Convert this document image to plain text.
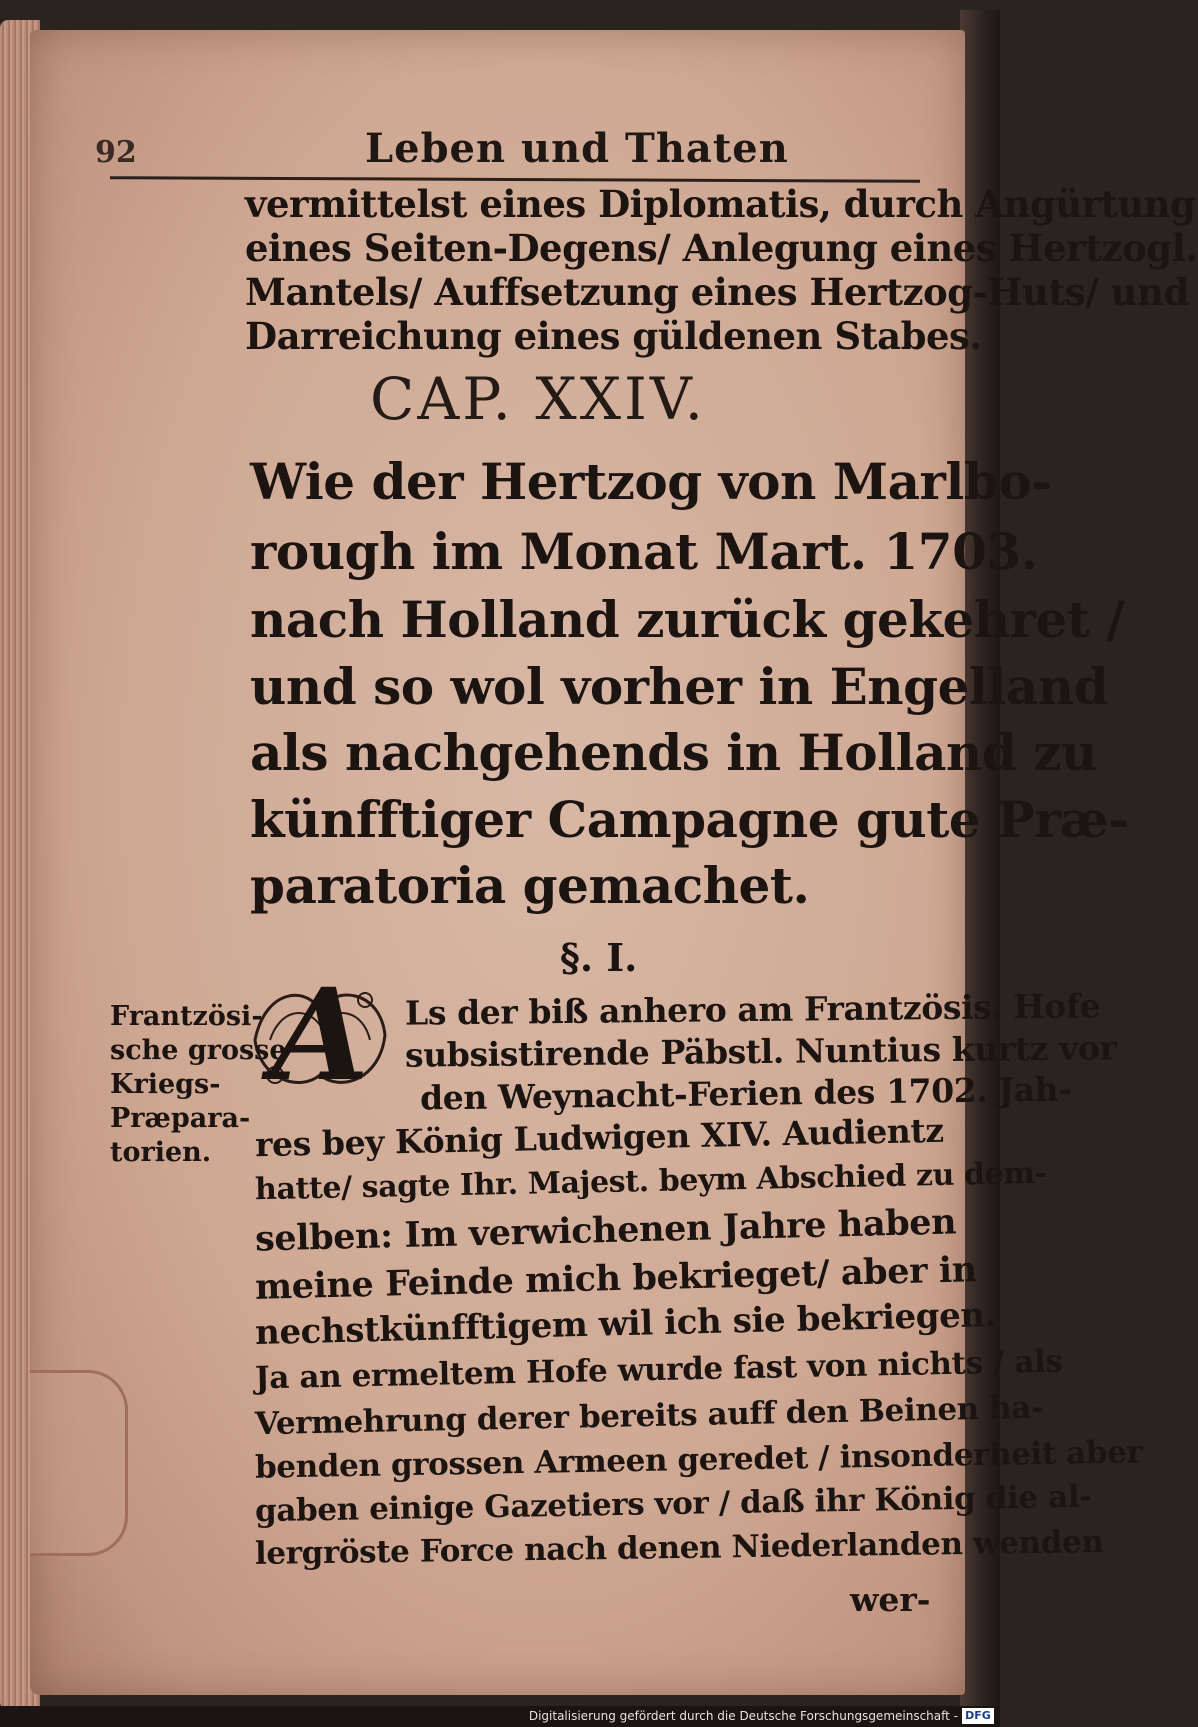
92	Leben und Thaten
vermittelst eines Diplomatis, durch Angürtung
eines Seiten-Degens/ Anlegung eines Hertzogl.
Mantels/ Auffsetzung eines Hertzog-Huts/ und
Darreichung eines güldenen Stabes.
CAP. XXIV.
Wie der Hertzog von Marlbo-
rough im Monat Mart. 1703.
nach Holland zurück gekehret /
und so wol vorher in Engelland
als nachgehends in Holland zu
künfftiger Campagne gute Præ-
paratoria gemachet.
§. I.
A
Frantzösi-
sche grosse
Kriegs-
Præpara-
torien.
Ls der biß anhero am Frantzösis. Hofe
subsistirende Päbstl. Nuntius kurtz vor
den Weynacht-Ferien des 1702. Jah-
res bey König Ludwigen XIV. Audientz
hatte/ sagte Ihr. Majest. beym Abschied zu dem-
selben: Im verwichenen Jahre haben
meine Feinde mich bekrieget/ aber in
nechstkünfftigem wil ich sie bekriegen.
Ja an ermeltem Hofe wurde fast von nichts / als
Vermehrung derer bereits auff den Beinen ha-
benden grossen Armeen geredet / insonderheit aber
gaben einige Gazetiers vor / daß ihr König die al-
lergröste Force nach denen Niederlanden wenden
wer-
Digitalisierung gefördert durch die Deutsche Forschungsgemeinschaft - DFG
